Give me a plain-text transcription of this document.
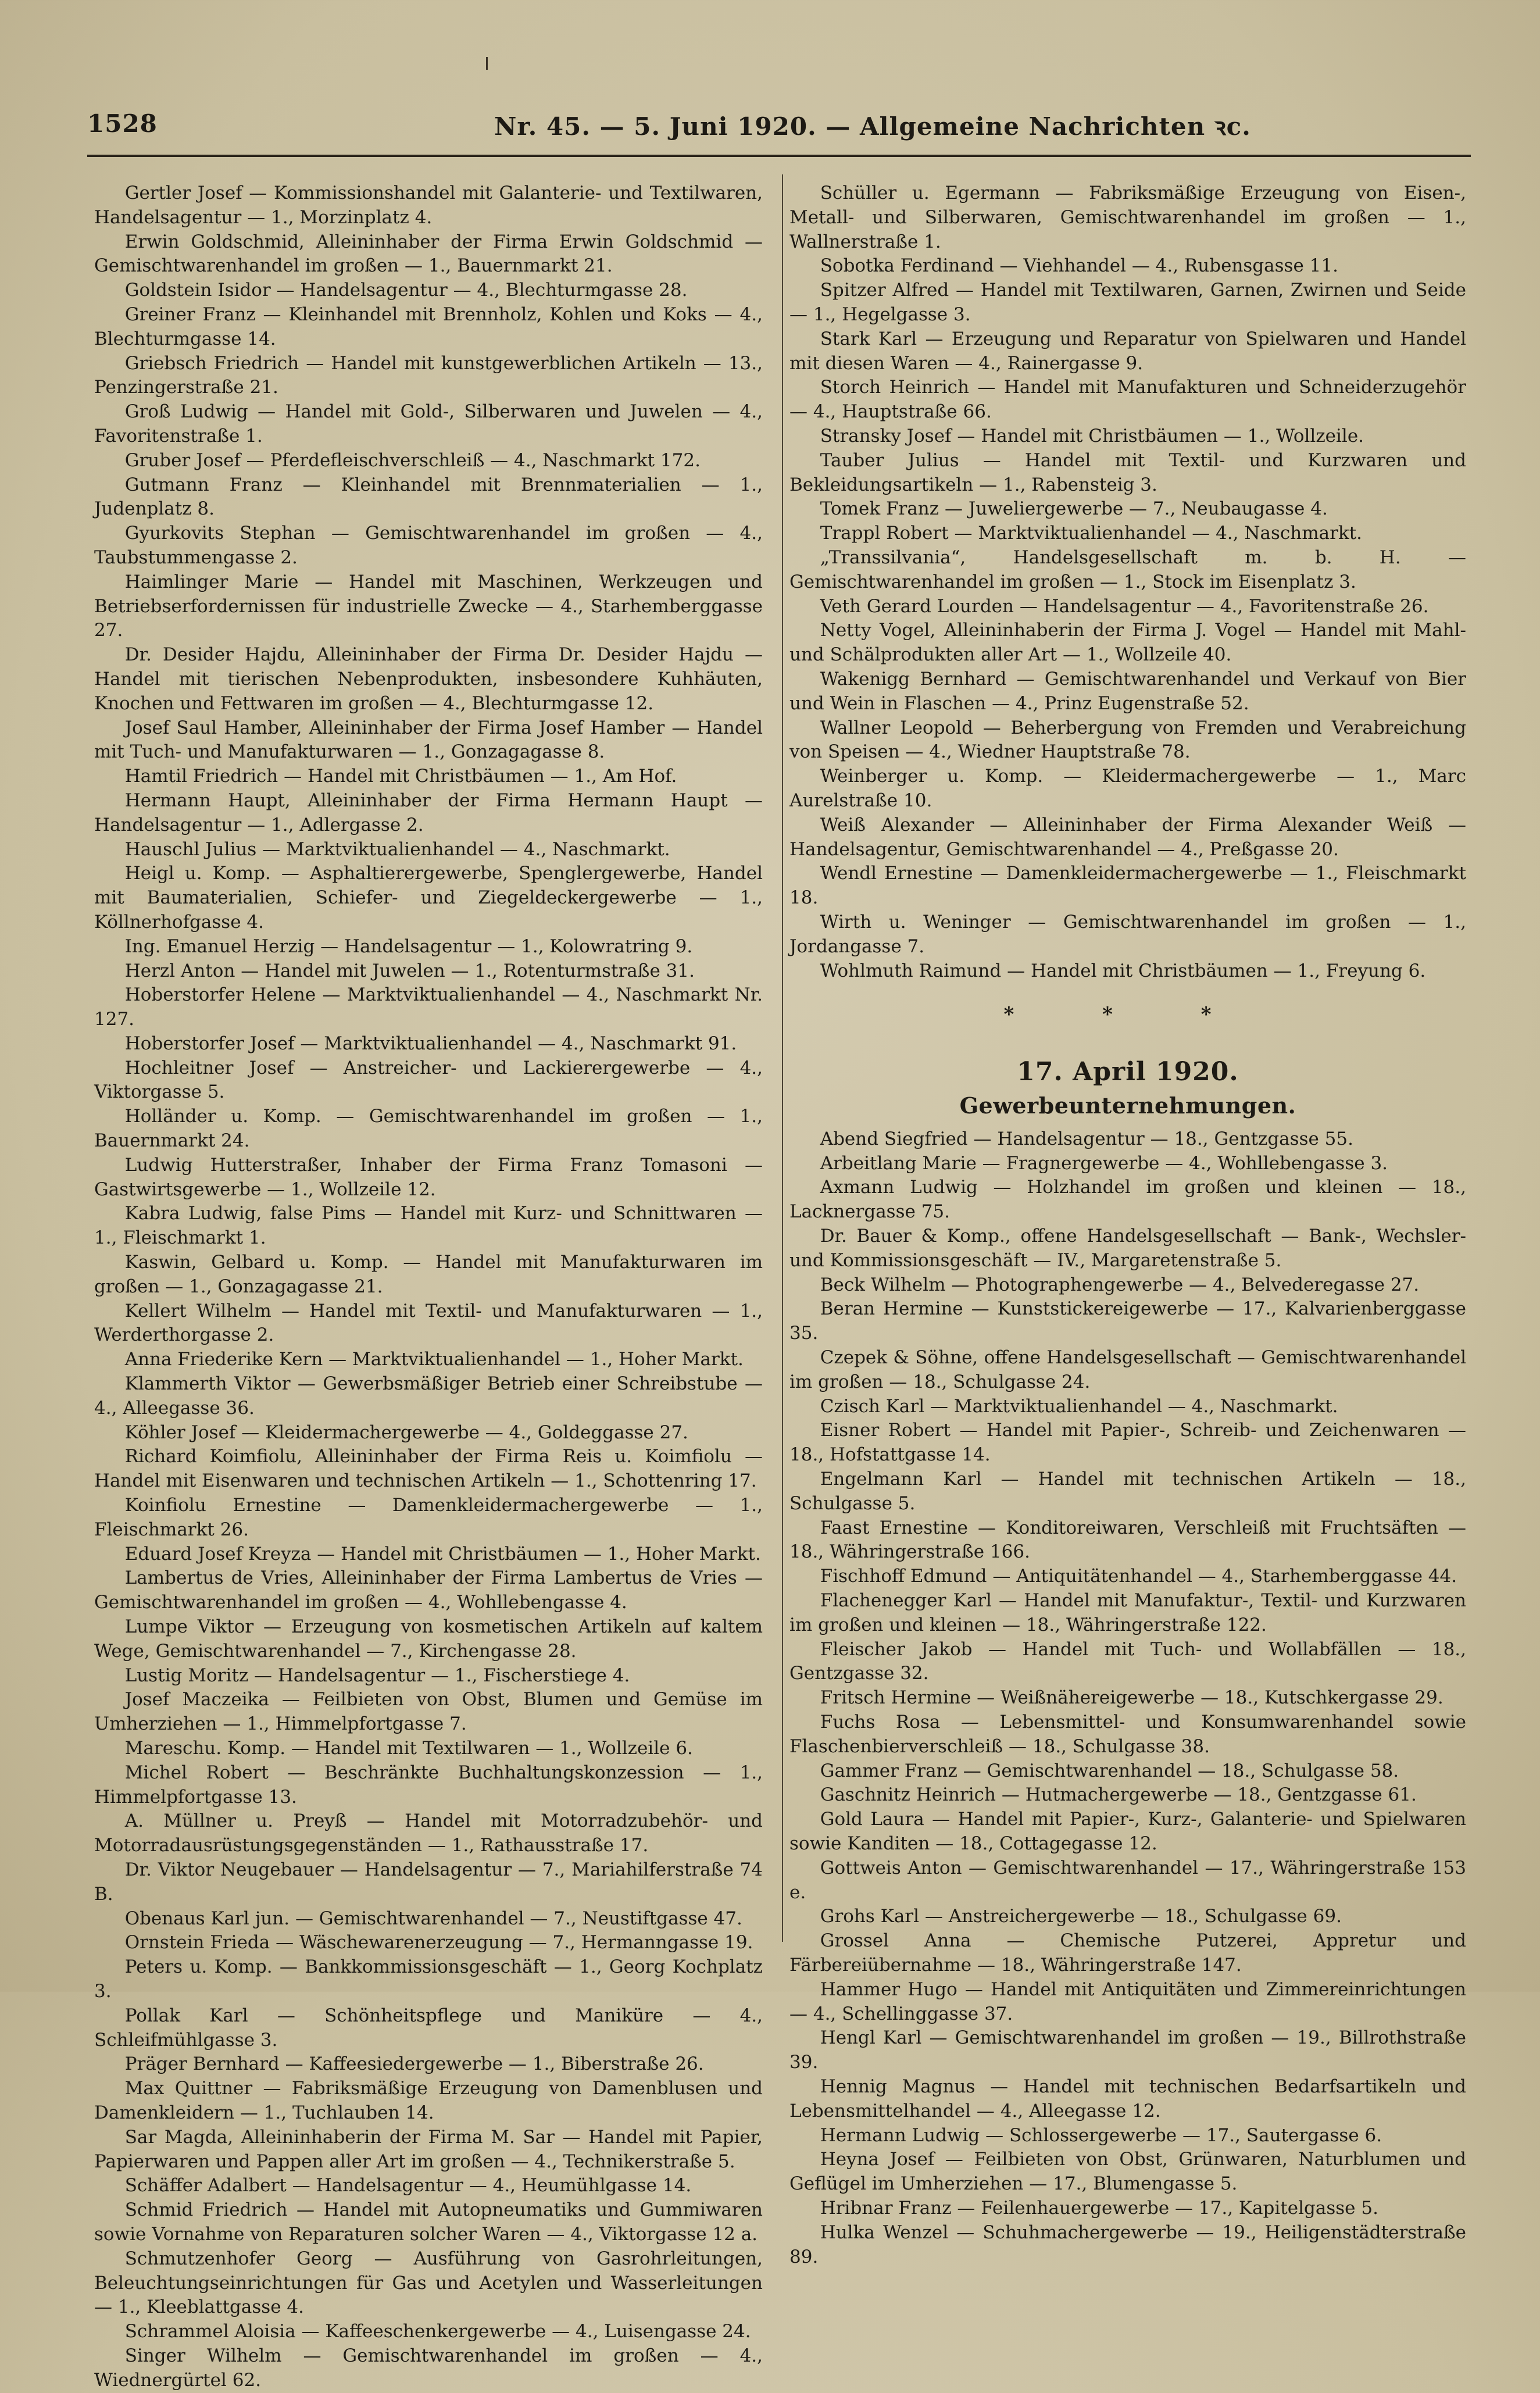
1528	Nr. 45. — 5. Juni 1920. — Allgemeine Nachrichten ꝛc.

Gertler Josef — Kommissionshandel mit Galanterie- und Textilwaren, Handelsagentur — 1., Morzinplatz 4.

Erwin Goldschmid, Alleininhaber der Firma Erwin Goldschmid — Gemischtwarenhandel im großen — 1., Bauernmarkt 21.

Goldstein Isidor — Handelsagentur — 4., Blechturmgasse 28.

Greiner Franz — Kleinhandel mit Brennholz, Kohlen und Koks — 4., Blechturmgasse 14.

Griebsch Friedrich — Handel mit kunstgewerblichen Artikeln — 13., Penzingerstraße 21.

Groß Ludwig — Handel mit Gold-, Silberwaren und Juwelen — 4., Favoritenstraße 1.

Gruber Josef — Pferdefleischverschleiß — 4., Naschmarkt 172.

Gutmann Franz — Kleinhandel mit Brennmaterialien — 1., Judenplatz 8.

Gyurkovits Stephan — Gemischtwarenhandel im großen — 4., Taubstummengasse 2.

Haimlinger Marie — Handel mit Maschinen, Werkzeugen und Betriebserfordernissen für industrielle Zwecke — 4., Starhemberggasse 27.

Dr. Desider Hajdu, Alleininhaber der Firma Dr. Desider Hajdu — Handel mit tierischen Nebenprodukten, insbesondere Kuhhäuten, Knochen und Fettwaren im großen — 4., Blechturmgasse 12.

Josef Saul Hamber, Alleininhaber der Firma Josef Hamber — Handel mit Tuch- und Manufakturwaren — 1., Gonzagagasse 8.

Hamtil Friedrich — Handel mit Christbäumen — 1., Am Hof.

Hermann Haupt, Alleininhaber der Firma Hermann Haupt — Handelsagentur — 1., Adlergasse 2.

Hauschl Julius — Marktviktualienhandel — 4., Naschmarkt.

Heigl u. Komp. — Asphaltierergewerbe, Spenglergewerbe, Handel mit Baumaterialien, Schiefer- und Ziegeldeckergewerbe — 1., Köllnerhofgasse 4.

Ing. Emanuel Herzig — Handelsagentur — 1., Kolowratring 9.

Herzl Anton — Handel mit Juwelen — 1., Rotenturmstraße 31.

Hoberstorfer Helene — Marktviktualienhandel — 4., Naschmarkt Nr. 127.

Hoberstorfer Josef — Marktviktualienhandel — 4., Naschmarkt 91.

Hochleitner Josef — Anstreicher- und Lackierergewerbe — 4., Viktorgasse 5.

Holländer u. Komp. — Gemischtwarenhandel im großen — 1., Bauernmarkt 24.

Ludwig Hutterstraßer, Inhaber der Firma Franz Tomasoni — Gastwirtsgewerbe — 1., Wollzeile 12.

Kabra Ludwig, false Pims — Handel mit Kurz- und Schnittwaren — 1., Fleischmarkt 1.

Kaswin, Gelbard u. Komp. — Handel mit Manufakturwaren im großen — 1., Gonzagagasse 21.

Kellert Wilhelm — Handel mit Textil- und Manufakturwaren — 1., Werderthorgasse 2.

Anna Friederike Kern — Marktviktualienhandel — 1., Hoher Markt.

Klammerth Viktor — Gewerbsmäßiger Betrieb einer Schreibstube — 4., Alleegasse 36.

Köhler Josef — Kleidermachergewerbe — 4., Goldeggasse 27.

Richard Koimfiolu, Alleininhaber der Firma Reis u. Koimfiolu — Handel mit Eisenwaren und technischen Artikeln — 1., Schottenring 17.

Koinfiolu Ernestine — Damenkleidermachergewerbe — 1., Fleischmarkt 26.

Eduard Josef Kreyza — Handel mit Christbäumen — 1., Hoher Markt.

Lambertus de Vries, Alleininhaber der Firma Lambertus de Vries — Gemischtwarenhandel im großen — 4., Wohllebengasse 4.

Lumpe Viktor — Erzeugung von kosmetischen Artikeln auf kaltem Wege, Gemischtwarenhandel — 7., Kirchengasse 28.

Lustig Moritz — Handelsagentur — 1., Fischerstiege 4.

Josef Maczeika — Feilbieten von Obst, Blumen und Gemüse im Umherziehen — 1., Himmelpfortgasse 7.

Mareschu. Komp. — Handel mit Textilwaren — 1., Wollzeile 6.

Michel Robert — Beschränkte Buchhaltungskonzession — 1., Himmelpfortgasse 13.

A. Müllner u. Preyß — Handel mit Motorradzubehör- und Motorradausrüstungsgegenständen — 1., Rathausstraße 17.

Dr. Viktor Neugebauer — Handelsagentur — 7., Mariahilferstraße 74 B.

Obenaus Karl jun. — Gemischtwarenhandel — 7., Neustiftgasse 47.

Ornstein Frieda — Wäschewarenerzeugung — 7., Hermanngasse 19.

Peters u. Komp. — Bankkommissionsgeschäft — 1., Georg Kochplatz 3.

Pollak Karl — Schönheitspflege und Maniküre — 4., Schleifmühlgasse 3.

Präger Bernhard — Kaffeesiedergewerbe — 1., Biberstraße 26.

Max Quittner — Fabriksmäßige Erzeugung von Damenblusen und Damenkleidern — 1., Tuchlauben 14.

Sar Magda, Alleininhaberin der Firma M. Sar — Handel mit Papier, Papierwaren und Pappen aller Art im großen — 4., Technikerstraße 5.

Schäffer Adalbert — Handelsagentur — 4., Heumühlgasse 14.

Schmid Friedrich — Handel mit Autopneumatiks und Gummiwaren sowie Vornahme von Reparaturen solcher Waren — 4., Viktorgasse 12 a.

Schmutzenhofer Georg — Ausführung von Gasrohrleitungen, Beleuchtungseinrichtungen für Gas und Acetylen und Wasserleitungen — 1., Kleeblattgasse 4.

Schrammel Aloisia — Kaffeeschenkergewerbe — 4., Luisengasse 24.

Singer Wilhelm — Gemischtwarenhandel im großen — 4., Wiednergürtel 62.

Schüller u. Egermann — Fabriksmäßige Erzeugung von Eisen-, Metall- und Silberwaren, Gemischtwarenhandel im großen — 1., Wallnerstraße 1.

Sobotka Ferdinand — Viehhandel — 4., Rubensgasse 11.

Spitzer Alfred — Handel mit Textilwaren, Garnen, Zwirnen und Seide — 1., Hegelgasse 3.

Stark Karl — Erzeugung und Reparatur von Spielwaren und Handel mit diesen Waren — 4., Rainergasse 9.

Storch Heinrich — Handel mit Manufakturen und Schneiderzugehör — 4., Hauptstraße 66.

Stransky Josef — Handel mit Christbäumen — 1., Wollzeile.

Tauber Julius — Handel mit Textil- und Kurzwaren und Bekleidungsartikeln — 1., Rabensteig 3.

Tomek Franz — Juweliergewerbe — 7., Neubaugasse 4.

Trappl Robert — Marktviktualienhandel — 4., Naschmarkt.

„Transsilvania“, Handelsgesellschaft m. b. H. — Gemischtwarenhandel im großen — 1., Stock im Eisenplatz 3.

Veth Gerard Lourden — Handelsagentur — 4., Favoritenstraße 26.

Netty Vogel, Alleininhaberin der Firma J. Vogel — Handel mit Mahl- und Schälprodukten aller Art — 1., Wollzeile 40.

Wakenigg Bernhard — Gemischtwarenhandel und Verkauf von Bier und Wein in Flaschen — 4., Prinz Eugenstraße 52.

Wallner Leopold — Beherbergung von Fremden und Verabreichung von Speisen — 4., Wiedner Hauptstraße 78.

Weinberger u. Komp. — Kleidermachergewerbe — 1., Marc Aurelstraße 10.

Weiß Alexander — Alleininhaber der Firma Alexander Weiß — Handelsagentur, Gemischtwarenhandel — 4., Preßgasse 20.

Wendl Ernestine — Damenkleidermachergewerbe — 1., Fleischmarkt 18.

Wirth u. Weninger — Gemischtwarenhandel im großen — 1., Jordangasse 7.

Wohlmuth Raimund — Handel mit Christbäumen — 1., Freyung 6.

* * *
17. April 1920.
Gewerbeunternehmungen.

Abend Siegfried — Handelsagentur — 18., Gentzgasse 55.

Arbeitlang Marie — Fragnergewerbe — 4., Wohllebengasse 3.

Axmann Ludwig — Holzhandel im großen und kleinen — 18., Lacknergasse 75.

Dr. Bauer & Komp., offene Handelsgesellschaft — Bank-, Wechsler- und Kommissionsgeschäft — IV., Margaretenstraße 5.

Beck Wilhelm — Photographengewerbe — 4., Belvederegasse 27.

Beran Hermine — Kunststickereigewerbe — 17., Kalvarienberggasse 35.

Czepek & Söhne, offene Handelsgesellschaft — Gemischtwarenhandel im großen — 18., Schulgasse 24.

Czisch Karl — Marktviktualienhandel — 4., Naschmarkt.

Eisner Robert — Handel mit Papier-, Schreib- und Zeichenwaren — 18., Hofstattgasse 14.

Engelmann Karl — Handel mit technischen Artikeln — 18., Schulgasse 5.

Faast Ernestine — Konditoreiwaren, Verschleiß mit Fruchtsäften — 18., Währingerstraße 166.

Fischhoff Edmund — Antiquitätenhandel — 4., Starhemberggasse 44.

Flachenegger Karl — Handel mit Manufaktur-, Textil- und Kurzwaren im großen und kleinen — 18., Währingerstraße 122.

Fleischer Jakob — Handel mit Tuch- und Wollabfällen — 18., Gentzgasse 32.

Fritsch Hermine — Weißnähereigewerbe — 18., Kutschkergasse 29.

Fuchs Rosa — Lebensmittel- und Konsumwarenhandel sowie Flaschenbierverschleiß — 18., Schulgasse 38.

Gammer Franz — Gemischtwarenhandel — 18., Schulgasse 58.

Gaschnitz Heinrich — Hutmachergewerbe — 18., Gentzgasse 61.

Gold Laura — Handel mit Papier-, Kurz-, Galanterie- und Spielwaren sowie Kanditen — 18., Cottagegasse 12.

Gottweis Anton — Gemischtwarenhandel — 17., Währingerstraße 153 e.

Grohs Karl — Anstreichergewerbe — 18., Schulgasse 69.

Grossel Anna — Chemische Putzerei, Appretur und Färbereiübernahme — 18., Währingerstraße 147.

Hammer Hugo — Handel mit Antiquitäten und Zimmereinrichtungen — 4., Schellinggasse 37.

Hengl Karl — Gemischtwarenhandel im großen — 19., Billrothstraße 39.

Hennig Magnus — Handel mit technischen Bedarfsartikeln und Lebensmittelhandel — 4., Alleegasse 12.

Hermann Ludwig — Schlossergewerbe — 17., Sautergasse 6.

Heyna Josef — Feilbieten von Obst, Grünwaren, Naturblumen und Geflügel im Umherziehen — 17., Blumengasse 5.

Hribnar Franz — Feilenhauergewerbe — 17., Kapitelgasse 5.

Hulka Wenzel — Schuhmachergewerbe — 19., Heiligenstädterstraße 89.
